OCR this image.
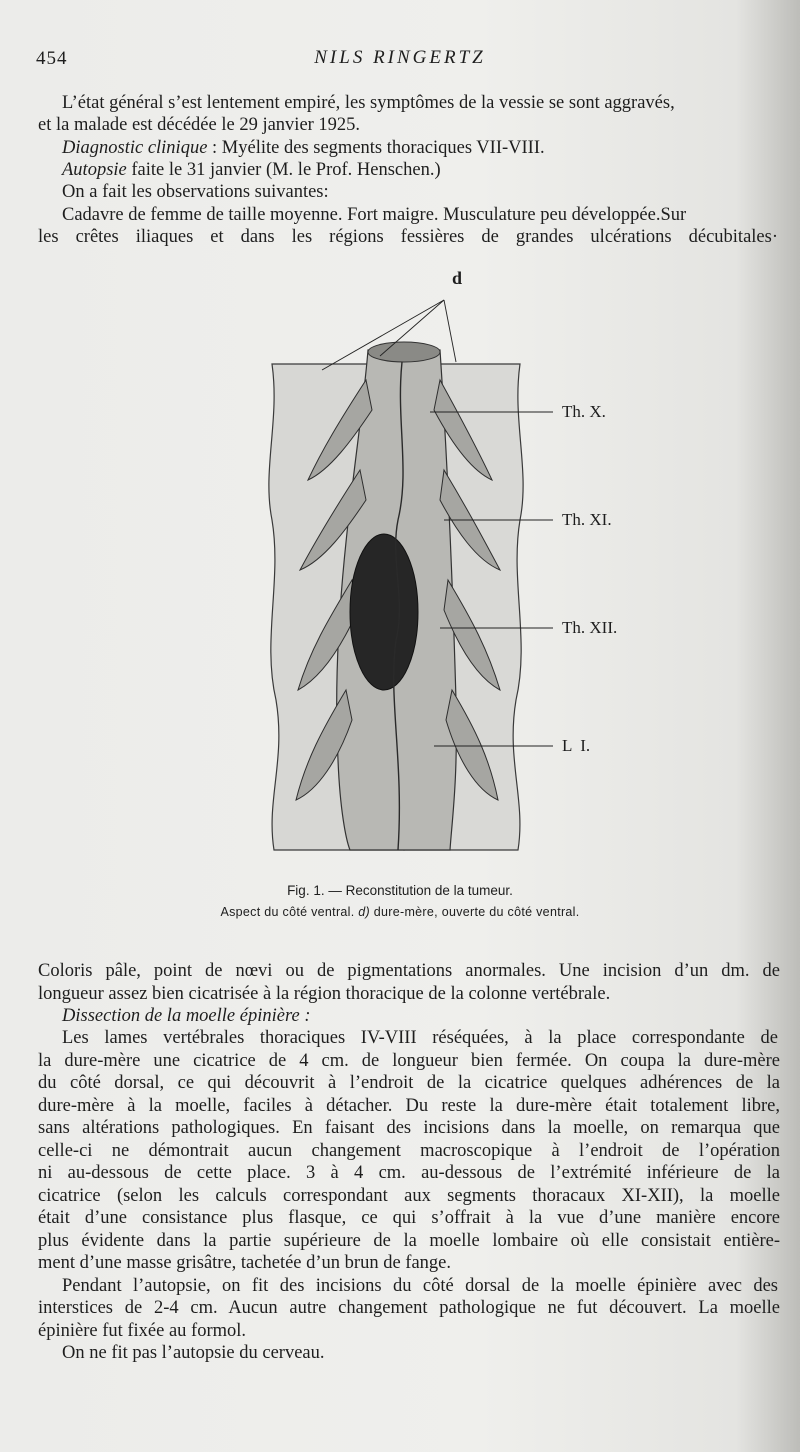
454	NILS RINGERTZ
L’état général s’est lentement empiré, les symptômes de la vessie se sont aggravés,
et la malade est décédée le 29 janvier 1925.
Diagnostic clinique : Myélite des segments thoraciques VII-VIII.
Autopsie faite le 31 janvier (M. le Prof. Henschen.)
On a fait les observations suivantes:
Cadavre de femme de taille moyenne. Fort maigre. Musculature peu développée.Sur
les crêtes iliaques et dans les régions fessières de grandes ulcérations décubitales·
d
Th. X.
Th. XI.
Th. XII.
L  I.
Fig. 1. — Reconstitution de la tumeur.
Aspect du côté ventral. d) dure-mère, ouverte du côté ventral.
Coloris pâle, point de nœvi ou de pigmentations anormales. Une incision d’un dm. de
longueur assez bien cicatrisée à la région thoracique de la colonne vertébrale.
Dissection de la moelle épinière :
Les lames vertébrales thoraciques IV-VIII réséquées, à la place correspondante de
la dure-mère une cicatrice de 4 cm. de longueur bien fermée. On coupa la dure-mère
du côté dorsal, ce qui découvrit à l’endroit de la cicatrice quelques adhérences de la
dure-mère à la moelle, faciles à détacher. Du reste la dure-mère était totalement libre,
sans altérations pathologiques. En faisant des incisions dans la moelle, on remarqua que
celle-ci ne démontrait aucun changement macroscopique à l’endroit de l’opération
ni au-dessous de cette place. 3 à 4 cm. au-dessous de l’extrémité inférieure de la
cicatrice (selon les calculs correspondant aux segments thoracaux XI-XII), la moelle
était d’une consistance plus flasque, ce qui s’offrait à la vue d’une manière encore
plus évidente dans la partie supérieure de la moelle lombaire où elle consistait entière-
ment d’une masse grisâtre, tachetée d’un brun de fange.
Pendant l’autopsie, on fit des incisions du côté dorsal de la moelle épinière avec des
interstices de 2-4 cm. Aucun autre changement pathologique ne fut découvert. La moelle
épinière fut fixée au formol.
On ne fit pas l’autopsie du cerveau.
